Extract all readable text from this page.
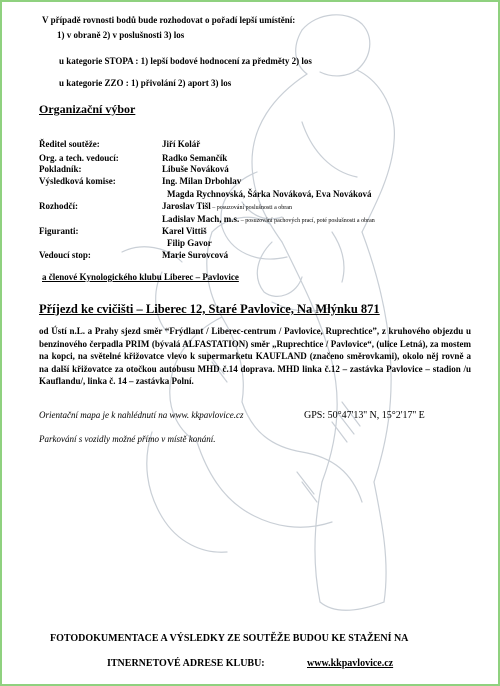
V případě rovnosti bodů bude rozhodovat o pořadí lepší umístění:
1) v obraně 2) v poslušnosti 3) los
u kategorie STOPA : 1) lepší bodové hodnocení za předměty 2) los
u kategorie ZZO : 1) přivolání 2) aport 3) los
Organizační výbor
Ředitel soutěže:	Jiří Kolář
Org. a tech. vedoucí:	Radko Semančík
Pokladník:	Libuše Nováková
Výsledková komise:	Ing. Milan Drbohlav
Magda Rychnovská, Šárka Nováková, Eva Nováková
Rozhodčí:	Jaroslav Tišl – posuzování poslušnosti a obran
Ladislav Mach, m.s. – posuzování pachových prací, poté poslušnosti a obran
Figuranti:	Karel Vittiš
Filip Gavor
Vedoucí stop:	Marie Surovcová
a členové Kynologického klubu Liberec – Pavlovice
Příjezd ke cvičišti – Liberec 12, Staré Pavlovice, Na Mlýnku 871
od Ústí n.L. a Prahy sjezd směr “Frýdlant / Liberec-centrum / Pavlovice, Ruprechtice”, z kruhového objezdu u benzinového čerpadla PRIM (bývalá ALFASTATION) směr „Ruprechtice / Pavlovice“, (ulice Letná), za mostem na kopci, na světelné křižovatce vlevo k supermarketu KAUFLAND (značeno směrovkami), okolo něj rovně a na další křižovatce za otočkou autobusu MHD č.14 doprava. MHD linka č.12 – zastávka Pavlovice – stadion /u Kauflandu/, linka č. 14 – zastávka Polní.
Orientační mapa je k nahlédnutí na www. kkpavlovice.cz	GPS: 50°47'13'' N, 15°2'17'' E
Parkování s vozidly možné přímo v místě konání.
FOTODOKUMENTACE A VÝSLEDKY ZE SOUTĚŽE BUDOU KE STAŽENÍ NA
ITNERNETOVÉ ADRESE KLUBU:	www.kkpavlovice.cz
